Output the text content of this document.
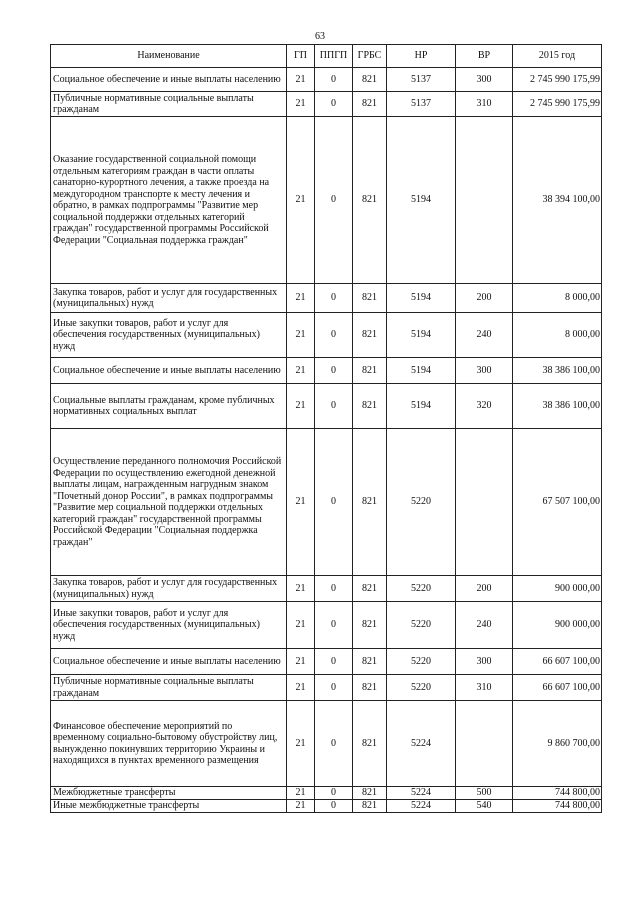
63
Наименование	ГП	ППГП	ГРБС	НР	ВР	2015 год
Социальное обеспечение и иные выплаты населению	21	0	821	5137	300	2 745 990 175,99
Публичные нормативные социальные выплаты гражданам	21	0	821	5137	310	2 745 990 175,99
Оказание государственной социальной помощи отдельным категориям граждан в части оплаты санаторно-курортного лечения, а также проезда на междугородном транспорте к месту лечения и обратно, в рамках подпрограммы "Развитие мер социальной поддержки отдельных категорий граждан" государственной программы Российской Федерации "Социальная поддержка граждан"	21	0	821	5194		38 394 100,00
Закупка товаров, работ и услуг для государственных (муниципальных) нужд	21	0	821	5194	200	8 000,00
Иные закупки товаров, работ и услуг для обеспечения государственных (муниципальных) нужд	21	0	821	5194	240	8 000,00
Социальное обеспечение и иные выплаты населению	21	0	821	5194	300	38 386 100,00
Социальные выплаты гражданам, кроме публичных нормативных социальных выплат	21	0	821	5194	320	38 386 100,00
Осуществление переданного полномочия Российской Федерации по осуществлению ежегодной денежной выплаты лицам, награжденным нагрудным знаком "Почетный донор России", в рамках подпрограммы "Развитие мер социальной поддержки отдельных категорий граждан" государственной программы Российской Федерации "Социальная поддержка граждан"	21	0	821	5220		67 507 100,00
Закупка товаров, работ и услуг для государственных (муниципальных) нужд	21	0	821	5220	200	900 000,00
Иные закупки товаров, работ и услуг для обеспечения государственных (муниципальных) нужд	21	0	821	5220	240	900 000,00
Социальное обеспечение и иные выплаты населению	21	0	821	5220	300	66 607 100,00
Публичные нормативные социальные выплаты гражданам	21	0	821	5220	310	66 607 100,00
Финансовое обеспечение мероприятий по временному социально-бытовому обустройству лиц, вынужденно покинувших территорию Украины и находящихся в пунктах временного размещения	21	0	821	5224		9 860 700,00
Межбюджетные трансферты	21	0	821	5224	500	744 800,00
Иные межбюджетные трансферты	21	0	821	5224	540	744 800,00
